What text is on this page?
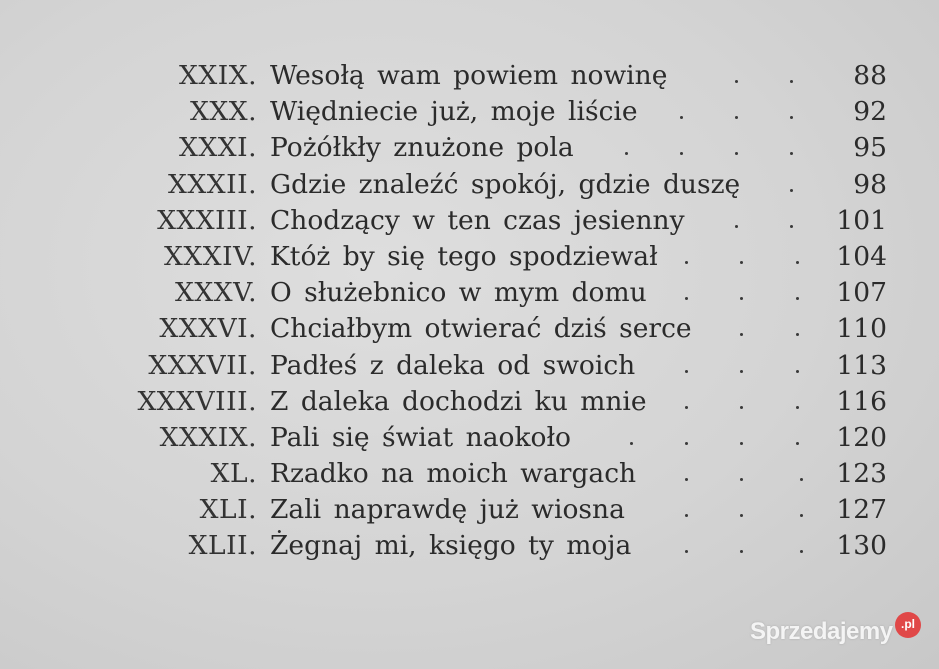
XXIX. Wesołą wam powiem nowinę	88
XXX. Więdniecie już, moje liście	92
XXXI. Pożółkły znużone pola	95
XXXII. Gdzie znaleźć spokój, gdzie duszę	98
XXXIII. Chodzący w ten czas jesienny	101
XXXIV. Któż by się tego spodziewał	104
XXXV. O służebnico w mym domu	107
XXXVI. Chciałbym otwierać dziś serce	110
XXXVII. Padłeś z daleka od swoich	113
XXXVIII. Z daleka dochodzi ku mnie	116
XXXIX. Pali się świat naokoło	120
XL. Rzadko na moich wargach	123
XLI. Zali naprawdę już wiosna	127
XLII. Żegnaj mi, księgo ty moja	130
Sprzedajemy .pl
